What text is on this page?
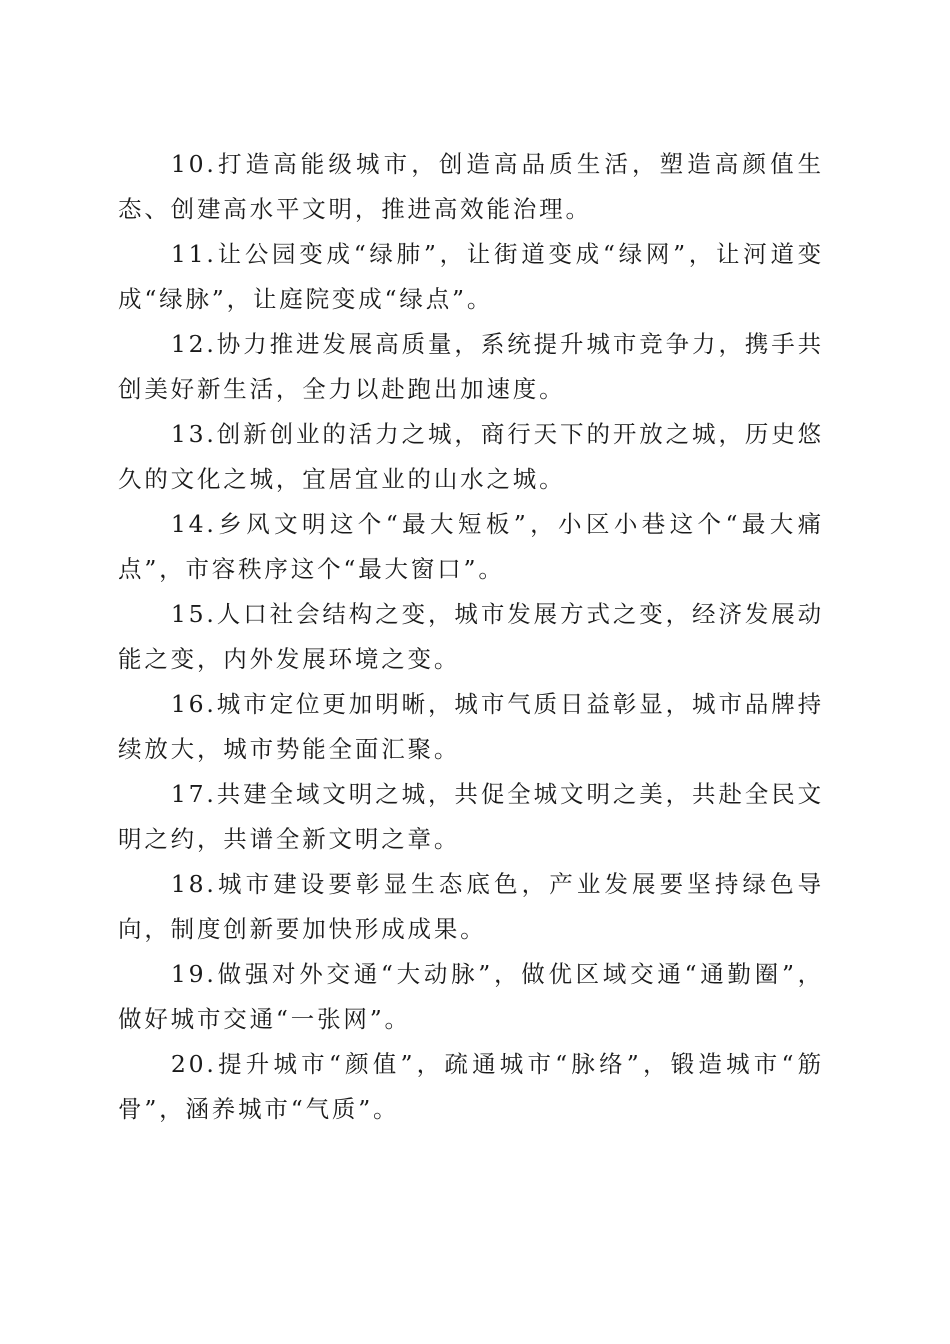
10.打造高能级城市，创造高品质生活，塑造高颜值生态、创建高水平文明，推进高效能治理。

11.让公园变成“绿肺”，让街道变成“绿网”，让河道变成“绿脉”，让庭院变成“绿点”。

12.协力推进发展高质量，系统提升城市竞争力，携手共创美好新生活，全力以赴跑出加速度。

13.创新创业的活力之城，商行天下的开放之城，历史悠久的文化之城，宜居宜业的山水之城。

14.乡风文明这个“最大短板”，小区小巷这个“最大痛点”，市容秩序这个“最大窗口”。

15.人口社会结构之变，城市发展方式之变，经济发展动能之变，内外发展环境之变。

16.城市定位更加明晰，城市气质日益彰显，城市品牌持续放大，城市势能全面汇聚。

17.共建全域文明之城，共促全城文明之美，共赴全民文明之约，共谱全新文明之章。

18.城市建设要彰显生态底色，产业发展要坚持绿色导向，制度创新要加快形成成果。

19.做强对外交通“大动脉”，做优区域交通“通勤圈”，做好城市交通“一张网”。

20.提升城市“颜值”，疏通城市“脉络”，锻造城市“筋骨”，涵养城市“气质”。
